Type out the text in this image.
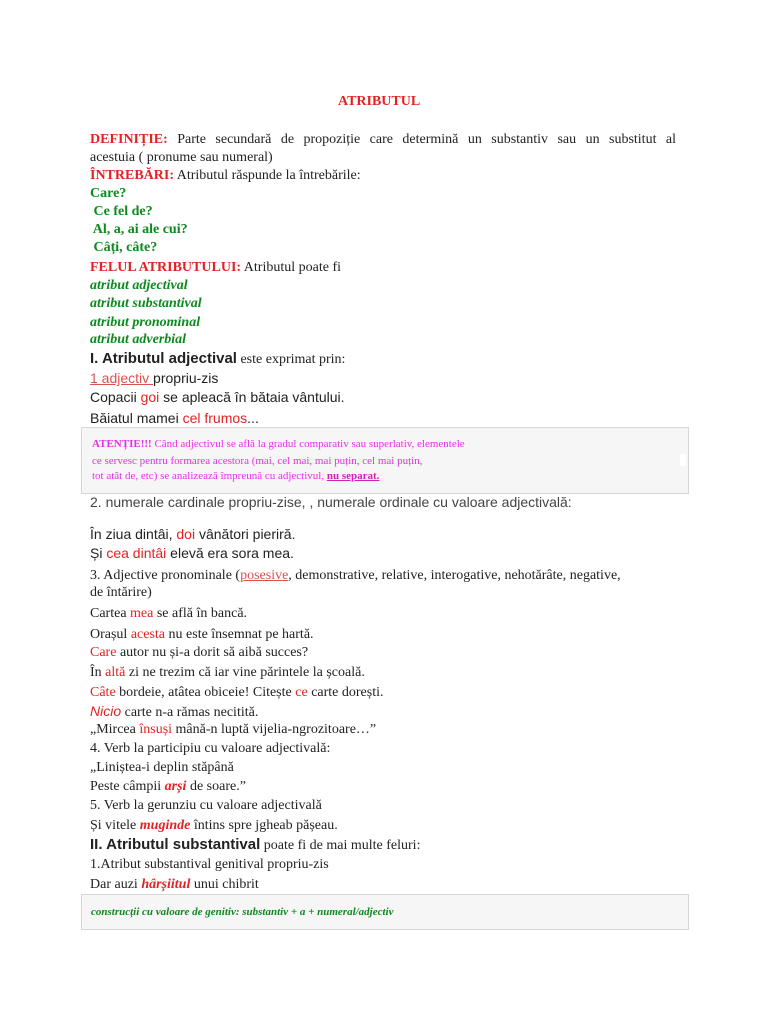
ATRIBUTUL
DEFINIȚIE: Parte secundară de propoziție care determină un substantiv sau un substitut al
acestuia ( pronume sau numeral)
ÎNTREBĂRI: Atributul răspunde la întrebările:
Care?
Ce fel de?
Al, a, ai ale cui?
Câți, câte?
FELUL ATRIBUTULUI: Atributul poate fi
atribut adjectival
atribut substantival
atribut pronominal
atribut adverbial
I. Atributul adjectival este exprimat prin:
1 adjectiv propriu-zis
Copacii goi se apleacă în bătaia vântului.
Băiatul mamei cel frumos...
ATENȚIE!!! Când adjectivul se află la gradul comparativ sau superlativ, elementele
ce servesc pentru formarea acestora (mai, cel mai, mai puțin, cel mai puțin,
tot atât de, etc) se analizează împreună cu adjectivul, nu separat.
2. numerale cardinale propriu-zise, , numerale ordinale cu valoare adjectivală:
În ziua dintâi, doi vânători pieriră.
Și cea dintâi elevă era sora mea.
3. Adjective pronominale (posesive, demonstrative, relative, interogative, nehotărâte, negative,
de întărire)
Cartea mea se află în bancă.
Orașul acesta nu este însemnat pe hartă.
Care autor nu și-a dorit să aibă succes?
În altă zi ne trezim că iar vine părintele la școală.
Câte bordeie, atâtea obiceie! Citește ce carte dorești.
Nicio carte n-a rămas necitită.
„Mircea însuși mână-n luptă vijelia-ngrozitoare…”
4. Verb la participiu cu valoare adjectivală:
„Liniștea-i deplin stăpână
Peste câmpii arși de soare.”
5. Verb la gerunziu cu valoare adjectivală
Și vitele mugindе întins spre jgheab pășeau.
II. Atributul substantival poate fi de mai multe feluri:
1.Atribut substantival genitival propriu-zis
Dar auzi hârșiitul unui chibrit
construcții cu valoare de genitiv: substantiv + a + numeral/adjectiv
